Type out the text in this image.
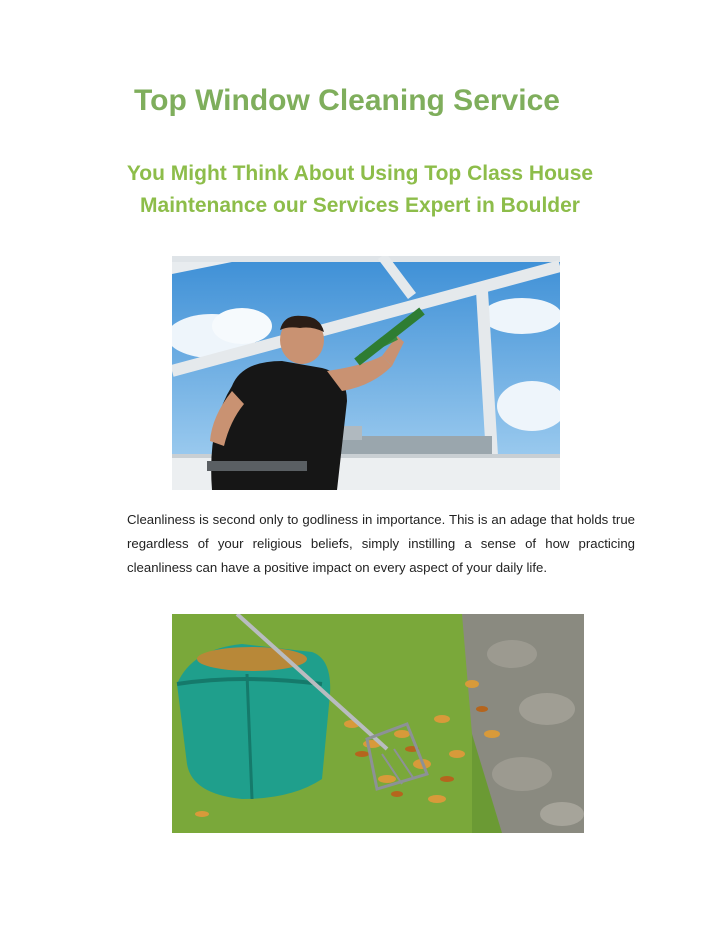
Top Window Cleaning Service
You Might Think About Using Top Class House Maintenance our Services Expert in Boulder

Cleanliness is second only to godliness in importance. This is an adage that holds true regardless of your religious beliefs, simply instilling a sense of how practicing cleanliness can have a positive impact on every aspect of your daily life.
